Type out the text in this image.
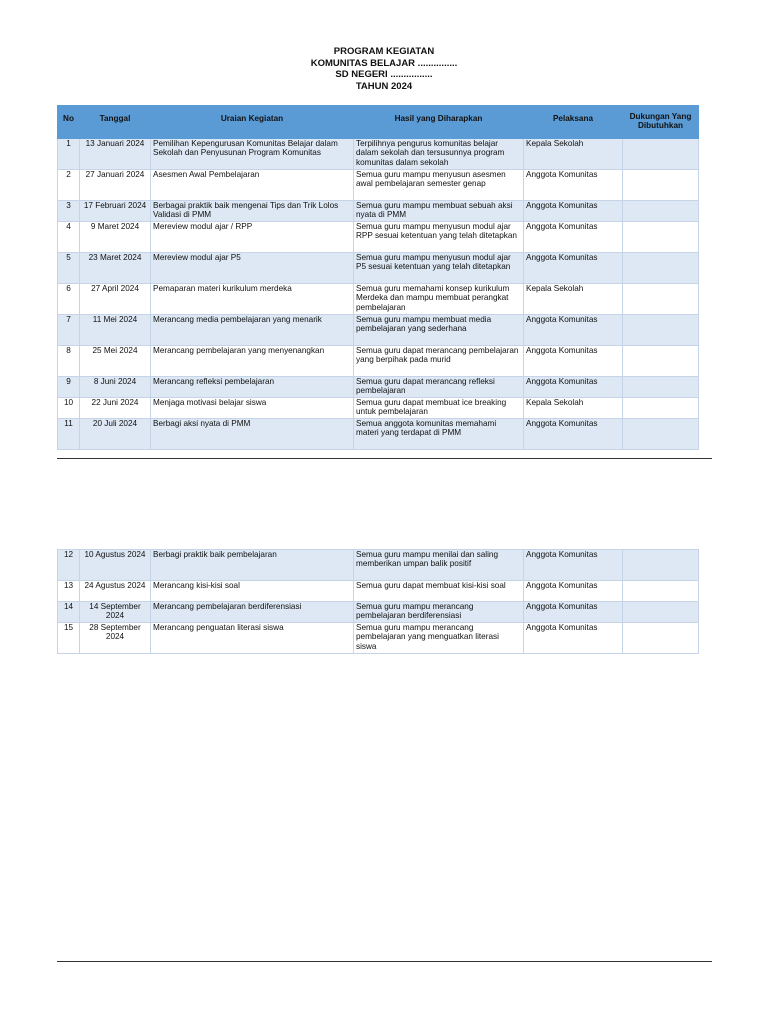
PROGRAM KEGIATAN
KOMUNITAS BELAJAR ...............
SD NEGERI ................
TAHUN 2024
No	Tanggal	Uraian Kegiatan	Hasil yang Diharapkan	Pelaksana	Dukungan Yang Dibutuhkan
1	13 Januari 2024	Pemilihan Kepengurusan Komunitas Belajar dalam Sekolah dan Penyusunan Program Komunitas	Terpilihnya pengurus komunitas belajar dalam sekolah dan tersusunnya program komunitas dalam sekolah	Kepala Sekolah	
2	27 Januari 2024	Asesmen Awal Pembelajaran	Semua guru mampu menyusun asesmen awal pembelajaran semester genap	Anggota Komunitas	
3	17 Februari 2024	Berbagai praktik baik mengenai Tips dan Trik Lolos Validasi di PMM	Semua guru mampu membuat sebuah aksi nyata di PMM	Anggota Komunitas	
4	9 Maret 2024	Mereview modul ajar / RPP	Semua guru mampu menyusun modul ajar RPP sesuai ketentuan yang telah ditetapkan	Anggota Komunitas	
5	23 Maret 2024	Mereview modul ajar P5	Semua guru mampu menyusun modul ajar P5 sesuai ketentuan yang telah ditetapkan	Anggota Komunitas	
6	27 April 2024	Pemaparan materi kurikulum merdeka	Semua guru memahami konsep kurikulum Merdeka dan mampu membuat perangkat pembelajaran	Kepala Sekolah	
7	11 Mei 2024	Merancang media pembelajaran yang menarik	Semua guru mampu membuat media pembelajaran yang sederhana	Anggota Komunitas	
8	25 Mei 2024	Merancang pembelajaran yang menyenangkan	Semua guru dapat merancang pembelajaran yang berpihak pada murid	Anggota Komunitas	
9	8 Juni 2024	Merancang refleksi pembelajaran	Semua guru dapat merancang refleksi pembelajaran	Anggota Komunitas	
10	22 Juni 2024	Menjaga motivasi belajar siswa	Semua guru dapat membuat ice breaking untuk pembelajaran	Kepala Sekolah	
11	20 Juli 2024	Berbagi aksi nyata di PMM	Semua anggota komunitas memahami materi yang terdapat di PMM	Anggota Komunitas	
12	10 Agustus 2024	Berbagi praktik baik pembelajaran	Semua guru mampu menilai dan saling memberikan umpan balik positif	Anggota Komunitas	
13	24 Agustus 2024	Merancang kisi-kisi soal	Semua guru dapat membuat kisi-kisi soal	Anggota Komunitas	
14	14 September 2024	Merancang pembelajaran berdiferensiasi	Semua guru mampu merancang pembelajaran berdiferensiasi	Anggota Komunitas	
15	28 September 2024	Merancang penguatan literasi siswa	Semua guru mampu merancang pembelajaran yang menguatkan literasi siswa	Anggota Komunitas	
